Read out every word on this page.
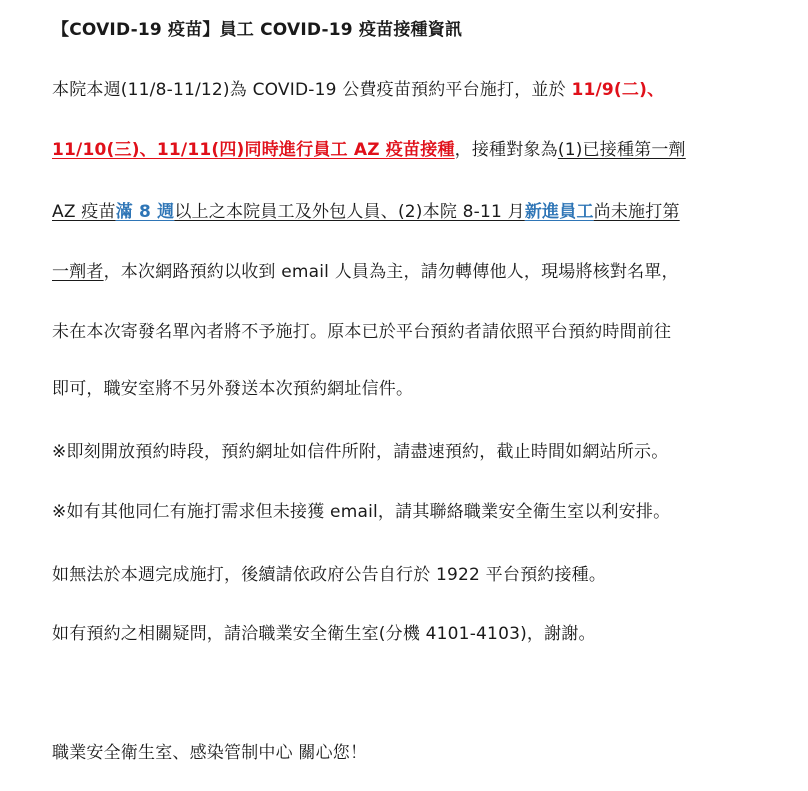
【COVID-19 疫苗】員工 COVID-19 疫苗接種資訊
本院本週(11/8-11/12)為 COVID-19 公費疫苗預約平台施打，並於 11/9(二)、
11/10(三)、11/11(四)同時進行員工 AZ 疫苗接種，接種對象為(1)已接種第一劑
AZ 疫苗滿 8 週以上之本院員工及外包人員、(2)本院 8-11 月新進員工尚未施打第
一劑者，本次網路預約以收到 email 人員為主，請勿轉傳他人，現場將核對名單，
未在本次寄發名單內者將不予施打。原本已於平台預約者請依照平台預約時間前往
即可，職安室將不另外發送本次預約網址信件。
※即刻開放預約時段，預約網址如信件所附，請盡速預約，截止時間如網站所示。
※如有其他同仁有施打需求但未接獲 email，請其聯絡職業安全衛生室以利安排。
如無法於本週完成施打，後續請依政府公告自行於 1922 平台預約接種。
如有預約之相關疑問，請洽職業安全衛生室(分機 4101-4103)，謝謝。
職業安全衛生室、感染管制中心 關心您！
